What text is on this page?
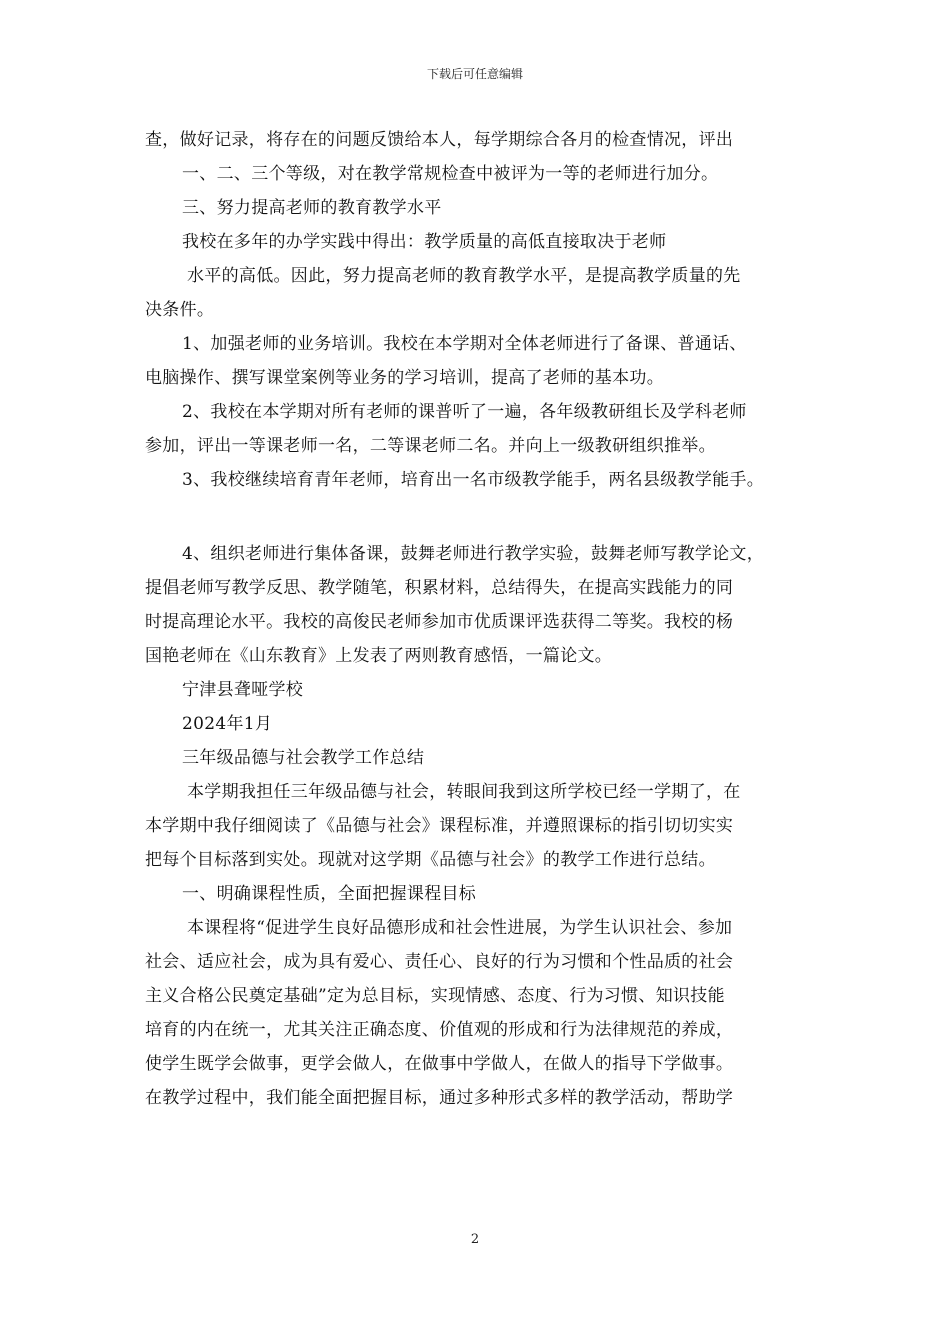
下载后可任意编辑
查，做好记录，将存在的问题反馈给本人，每学期综合各月的检查情况，评出
一、二、三个等级，对在教学常规检查中被评为一等的老师进行加分。
三、努力提高老师的教育教学水平
我校在多年的办学实践中得出：教学质量的高低直接取决于老师
水平的高低。因此，努力提高老师的教育教学水平，是提高教学质量的先
决条件。
1、加强老师的业务培训。我校在本学期对全体老师进行了备课、普通话、
电脑操作、撰写课堂案例等业务的学习培训，提高了老师的基本功。
2、我校在本学期对所有老师的课普听了一遍，各年级教研组长及学科老师
参加，评出一等课老师一名，二等课老师二名。并向上一级教研组织推举。
3、我校继续培育青年老师，培育出一名市级教学能手，两名县级教学能手。
4、组织老师进行集体备课，鼓舞老师进行教学实验，鼓舞老师写教学论文，
提倡老师写教学反思、教学随笔，积累材料，总结得失，在提高实践能力的同
时提高理论水平。我校的高俊民老师参加市优质课评选获得二等奖。我校的杨
国艳老师在《山东教育》上发表了两则教育感悟，一篇论文。
宁津县聋哑学校
2024年1月
三年级品德与社会教学工作总结
本学期我担任三年级品德与社会，转眼间我到这所学校已经一学期了，在
本学期中我仔细阅读了《品德与社会》课程标准，并遵照课标的指引切切实实
把每个目标落到实处。现就对这学期《品德与社会》的教学工作进行总结。
一、明确课程性质，全面把握课程目标
本课程将“促进学生良好品德形成和社会性进展，为学生认识社会、参加
社会、适应社会，成为具有爱心、责任心、良好的行为习惯和个性品质的社会
主义合格公民奠定基础”定为总目标，实现情感、态度、行为习惯、知识技能
培育的内在统一，尤其关注正确态度、价值观的形成和行为法律规范的养成，
使学生既学会做事，更学会做人，在做事中学做人，在做人的指导下学做事。
在教学过程中，我们能全面把握目标，通过多种形式多样的教学活动，帮助学
2
